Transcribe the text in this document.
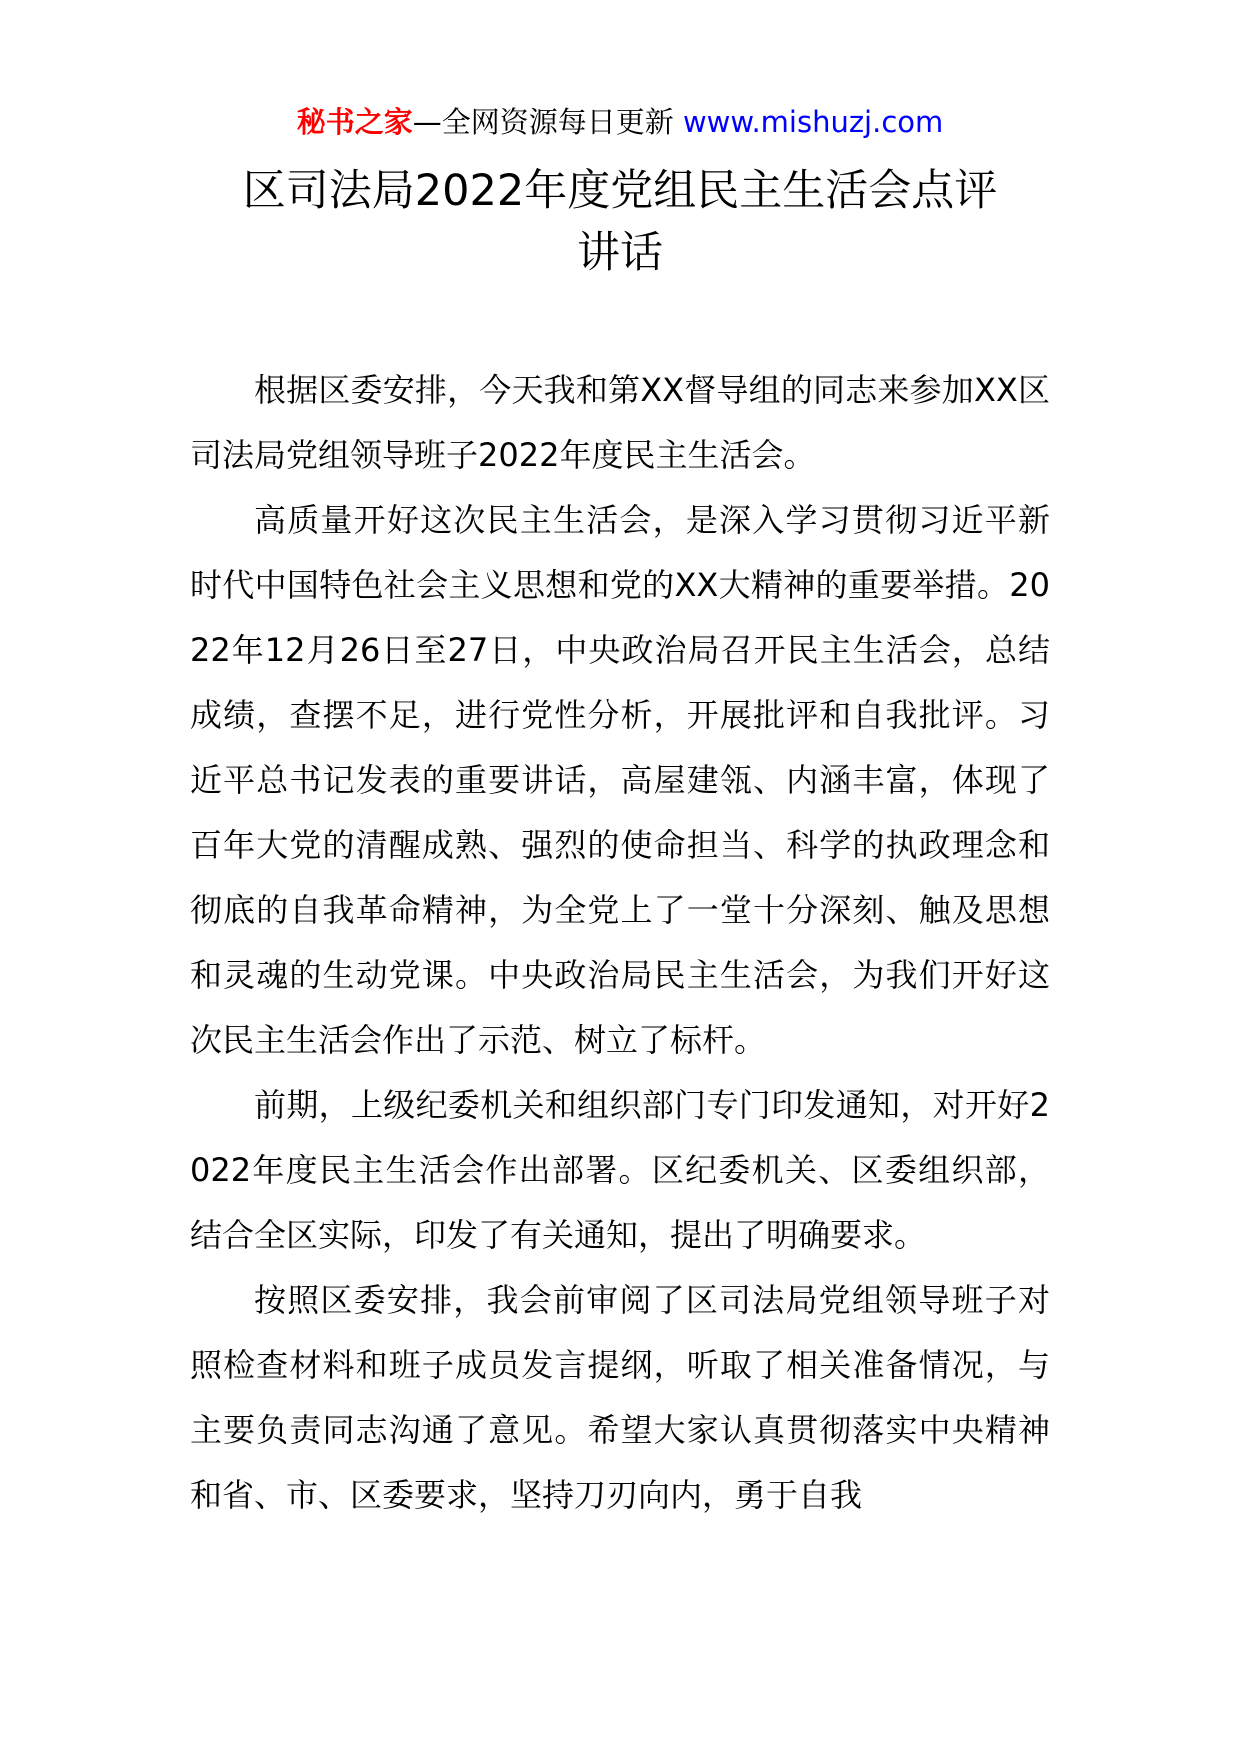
秘书之家—全网资源每日更新 www.mishuzj.com
区司法局2022年度党组民主生活会点评
讲话

根据区委安排，今天我和第XX督导组的同志来参加XX区司法局党组领导班子2022年度民主生活会。

高质量开好这次民主生活会，是深入学习贯彻习近平新时代中国特色社会主义思想和党的XX大精神的重要举措。2022年12月26日至27日，中央政治局召开民主生活会，总结成绩，查摆不足，进行党性分析，开展批评和自我批评。习近平总书记发表的重要讲话，高屋建瓴、内涵丰富，体现了百年大党的清醒成熟、强烈的使命担当、科学的执政理念和彻底的自我革命精神，为全党上了一堂十分深刻、触及思想和灵魂的生动党课。中央政治局民主生活会，为我们开好这次民主生活会作出了示范、树立了标杆。

前期，上级纪委机关和组织部门专门印发通知，对开好2022年度民主生活会作出部署。区纪委机关、区委组织部，结合全区实际，印发了有关通知，提出了明确要求。

按照区委安排，我会前审阅了区司法局党组领导班子对照检查材料和班子成员发言提纲，听取了相关准备情况，与主要负责同志沟通了意见。希望大家认真贯彻落实中央精神和省、市、区委要求，坚持刀刃向内，勇于自我
